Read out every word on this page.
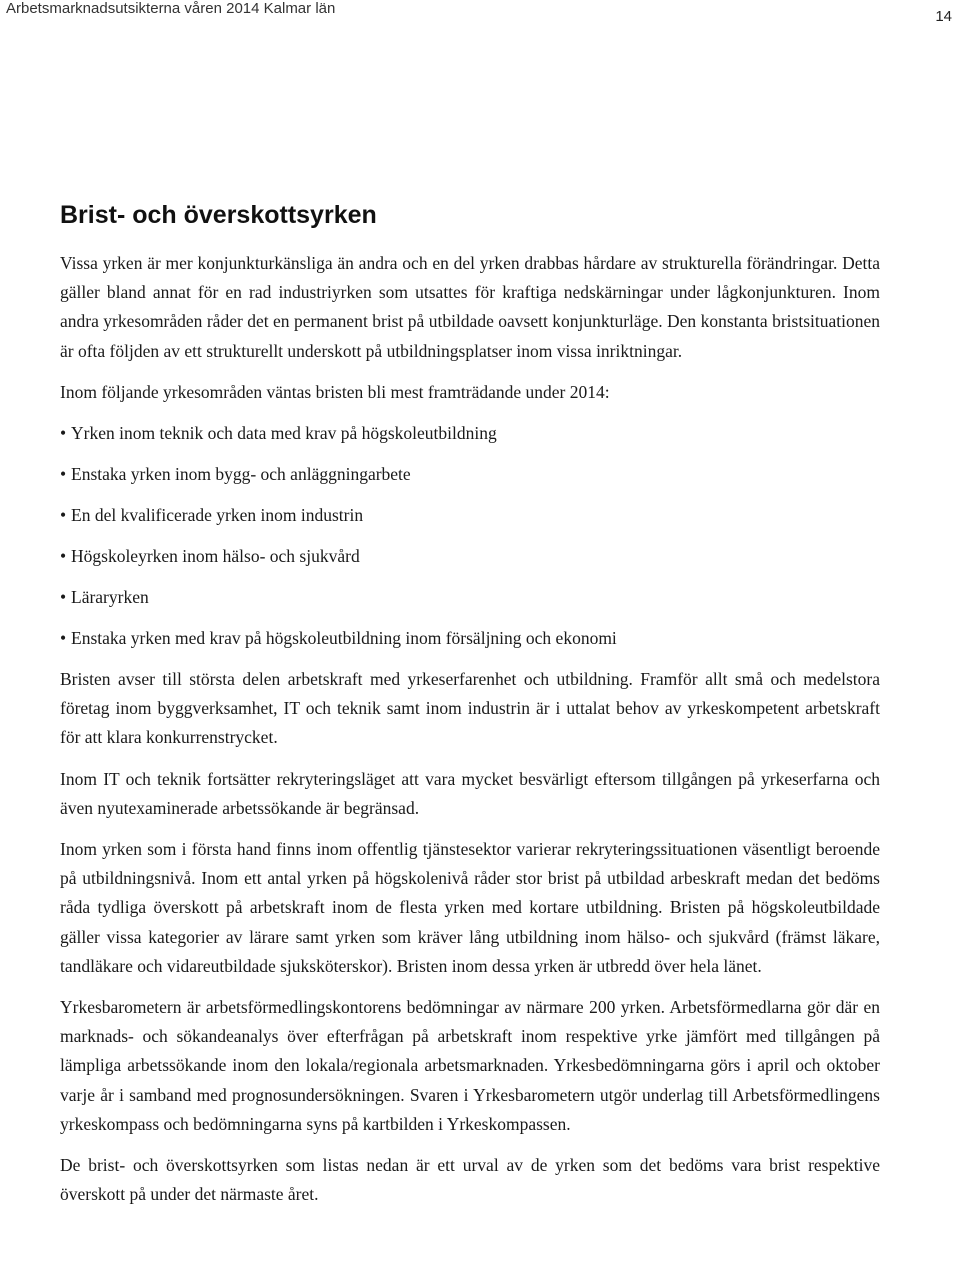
Arbetsmarknadsutsikterna våren 2014 Kalmar län	14
Brist- och överskottsyrken

Vissa yrken är mer konjunkturkänsliga än andra och en del yrken drabbas hårdare av strukturella förändringar. Detta gäller bland annat för en rad industriyrken som utsattes för kraftiga nedskärningar under lågkonjunkturen. Inom andra yrkesområden råder det en permanent brist på utbildade oavsett konjunkturläge. Den konstanta bristsituationen är ofta följden av ett strukturellt underskott på utbildningsplatser inom vissa inriktningar.

Inom följande yrkesområden väntas bristen bli mest framträdande under 2014:

• Yrken inom teknik och data med krav på högskoleutbildning
• Enstaka yrken inom bygg- och anläggningarbete
• En del kvalificerade yrken inom industrin
• Högskoleyrken inom hälso- och sjukvård
• Läraryrken
• Enstaka yrken med krav på högskoleutbildning inom försäljning och ekonomi

Bristen avser till största delen arbetskraft med yrkeserfarenhet och utbildning. Framför allt små och medelstora företag inom byggverksamhet, IT och teknik samt inom industrin är i uttalat behov av yrkeskompetent arbetskraft för att klara konkurrenstrycket.

Inom IT och teknik fortsätter rekryteringsläget att vara mycket besvärligt eftersom tillgången på yrkeserfarna och även nyutexaminerade arbetssökande är begränsad.

Inom yrken som i första hand finns inom offentlig tjänstesektor varierar rekryteringssituationen väsentligt beroende på utbildningsnivå. Inom ett antal yrken på högskolenivå råder stor brist på utbildad arbeskraft medan det bedöms råda tydliga överskott på arbetskraft inom de flesta yrken med kortare utbildning. Bristen på högskoleutbildade gäller vissa kategorier av lärare samt yrken som kräver lång utbildning inom hälso- och sjukvård (främst läkare, tandläkare och vidareutbildade sjuksköterskor). Bristen inom dessa yrken är utbredd över hela länet.

Yrkesbarometern är arbetsförmedlingskontorens bedömningar av närmare 200 yrken. Arbetsförmedlarna gör där en marknads- och sökandeanalys över efterfrågan på arbetskraft inom respektive yrke jämfört med tillgången på lämpliga arbetssökande inom den lokala/regionala arbetsmarknaden. Yrkesbedömningarna görs i april och oktober varje år i samband med prognosundersökningen. Svaren i Yrkesbarometern utgör underlag till Arbetsförmedlingens yrkeskompass och bedömningarna syns på kartbilden i Yrkeskompassen.

De brist- och överskottsyrken som listas nedan är ett urval av de yrken som det bedöms vara brist respektive överskott på under det närmaste året.
